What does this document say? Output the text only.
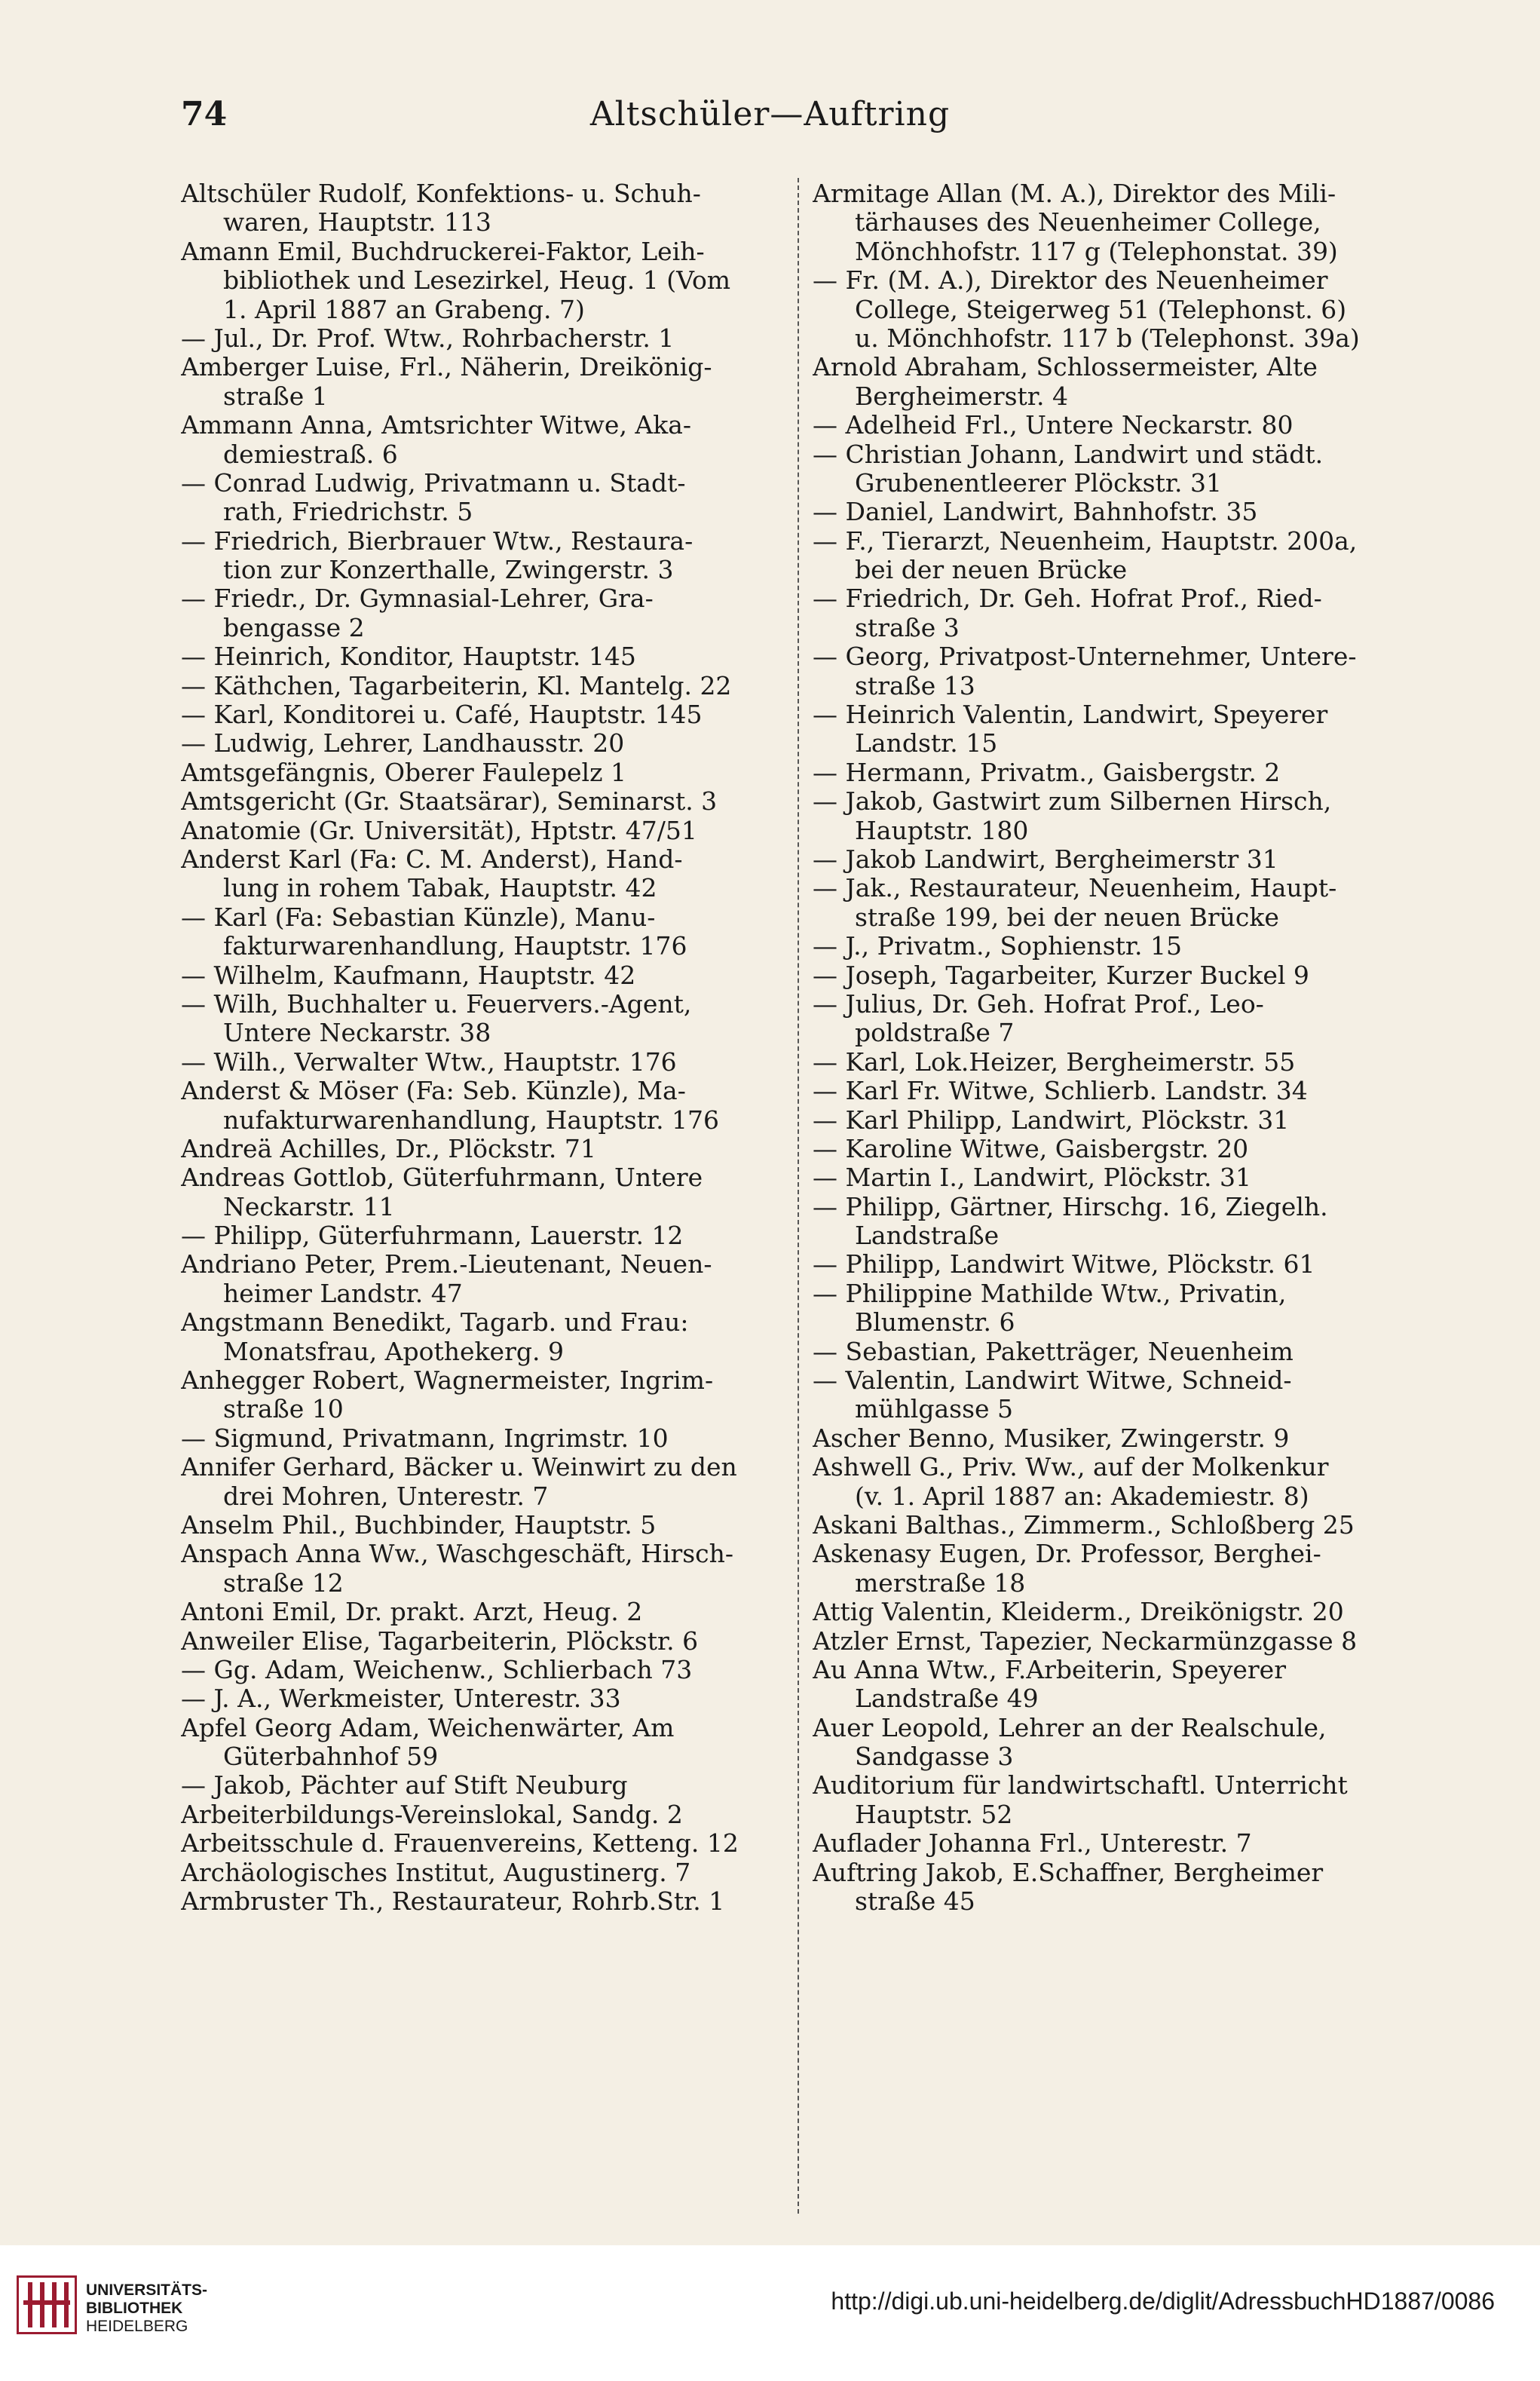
74	Altschüler—Auftring
Altschüler Rudolf, Konfektions- u. Schuh-
waren, Hauptstr. 113
Amann Emil, Buchdruckerei-Faktor, Leih-
bibliothek und Lesezirkel, Heug. 1 (Vom
1. April 1887 an Grabeng. 7)
— Jul., Dr. Prof. Wtw., Rohrbacherstr. 1
Amberger Luise, Frl., Näherin, Dreikönig-
straße 1
Ammann Anna, Amtsrichter Witwe, Aka-
demiestraß. 6
— Conrad Ludwig, Privatmann u. Stadt-
rath, Friedrichstr. 5
— Friedrich, Bierbrauer Wtw., Restaura-
tion zur Konzerthalle, Zwingerstr. 3
— Friedr., Dr. Gymnasial-Lehrer, Gra-
bengasse 2
— Heinrich, Konditor, Hauptstr. 145
— Käthchen, Tagarbeiterin, Kl. Mantelg. 22
— Karl, Konditorei u. Café, Hauptstr. 145
— Ludwig, Lehrer, Landhausstr. 20
Amtsgefängnis, Oberer Faulepelz 1
Amtsgericht (Gr. Staatsärar), Seminarst. 3
Anatomie (Gr. Universität), Hptstr. 47/51
Anderst Karl (Fa: C. M. Anderst), Hand-
lung in rohem Tabak, Hauptstr. 42
— Karl (Fa: Sebastian Künzle), Manu-
fakturwarenhandlung, Hauptstr. 176
— Wilhelm, Kaufmann, Hauptstr. 42
— Wilh, Buchhalter u. Feuervers.-Agent,
Untere Neckarstr. 38
— Wilh., Verwalter Wtw., Hauptstr. 176
Anderst & Möser (Fa: Seb. Künzle), Ma-
nufakturwarenhandlung, Hauptstr. 176
Andreä Achilles, Dr., Plöckstr. 71
Andreas Gottlob, Güterfuhrmann, Untere
Neckarstr. 11
— Philipp, Güterfuhrmann, Lauerstr. 12
Andriano Peter, Prem.-Lieutenant, Neuen-
heimer Landstr. 47
Angstmann Benedikt, Tagarb. und Frau:
Monatsfrau, Apothekerg. 9
Anhegger Robert, Wagnermeister, Ingrim-
straße 10
— Sigmund, Privatmann, Ingrimstr. 10
Annifer Gerhard, Bäcker u. Weinwirt zu den
drei Mohren, Unterestr. 7
Anselm Phil., Buchbinder, Hauptstr. 5
Anspach Anna Ww., Waschgeschäft, Hirsch-
straße 12
Antoni Emil, Dr. prakt. Arzt, Heug. 2
Anweiler Elise, Tagarbeiterin, Plöckstr. 6
— Gg. Adam, Weichenw., Schlierbach 73
— J. A., Werkmeister, Unterestr. 33
Apfel Georg Adam, Weichenwärter, Am
Güterbahnhof 59
— Jakob, Pächter auf Stift Neuburg
Arbeiterbildungs-Vereinslokal, Sandg. 2
Arbeitsschule d. Frauenvereins, Ketteng. 12
Archäologisches Institut, Augustinerg. 7
Armbruster Th., Restaurateur, Rohrb.Str. 1
Armitage Allan (M. A.), Direktor des Mili-
tärhauses des Neuenheimer College,
Mönchhofstr. 117 g (Telephonstat. 39)
— Fr. (M. A.), Direktor des Neuenheimer
College, Steigerweg 51 (Telephonst. 6)
u. Mönchhofstr. 117 b (Telephonst. 39a)
Arnold Abraham, Schlossermeister, Alte
Bergheimerstr. 4
— Adelheid Frl., Untere Neckarstr. 80
— Christian Johann, Landwirt und städt.
Grubenentleerer Plöckstr. 31
— Daniel, Landwirt, Bahnhofstr. 35
— F., Tierarzt, Neuenheim, Hauptstr. 200a,
bei der neuen Brücke
— Friedrich, Dr. Geh. Hofrat Prof., Ried-
straße 3
— Georg, Privatpost-Unternehmer, Untere-
straße 13
— Heinrich Valentin, Landwirt, Speyerer
Landstr. 15
— Hermann, Privatm., Gaisbergstr. 2
— Jakob, Gastwirt zum Silbernen Hirsch,
Hauptstr. 180
— Jakob Landwirt, Bergheimerstr 31
— Jak., Restaurateur, Neuenheim, Haupt-
straße 199, bei der neuen Brücke
— J., Privatm., Sophienstr. 15
— Joseph, Tagarbeiter, Kurzer Buckel 9
— Julius, Dr. Geh. Hofrat Prof., Leo-
poldstraße 7
— Karl, Lok.Heizer, Bergheimerstr. 55
— Karl Fr. Witwe, Schlierb. Landstr. 34
— Karl Philipp, Landwirt, Plöckstr. 31
— Karoline Witwe, Gaisbergstr. 20
— Martin I., Landwirt, Plöckstr. 31
— Philipp, Gärtner, Hirschg. 16, Ziegelh.
Landstraße
— Philipp, Landwirt Witwe, Plöckstr. 61
— Philippine Mathilde Wtw., Privatin,
Blumenstr. 6
— Sebastian, Paketträger, Neuenheim
— Valentin, Landwirt Witwe, Schneid-
mühlgasse 5
Ascher Benno, Musiker, Zwingerstr. 9
Ashwell G., Priv. Ww., auf der Molkenkur
(v. 1. April 1887 an: Akademiestr. 8)
Askani Balthas., Zimmerm., Schloßberg 25
Askenasy Eugen, Dr. Professor, Berghei-
merstraße 18
Attig Valentin, Kleiderm., Dreikönigstr. 20
Atzler Ernst, Tapezier, Neckarmünzgasse 8
Au Anna Wtw., F.Arbeiterin, Speyerer
Landstraße 49
Auer Leopold, Lehrer an der Realschule,
Sandgasse 3
Auditorium für landwirtschaftl. Unterricht
Hauptstr. 52
Auflader Johanna Frl., Unterestr. 7
Auftring Jakob, E.Schaffner, Bergheimer
straße 45
UNIVERSITÄTS-
BIBLIOTHEK
HEIDELBERG
http://digi.ub.uni-heidelberg.de/diglit/AdressbuchHD1887/0086
